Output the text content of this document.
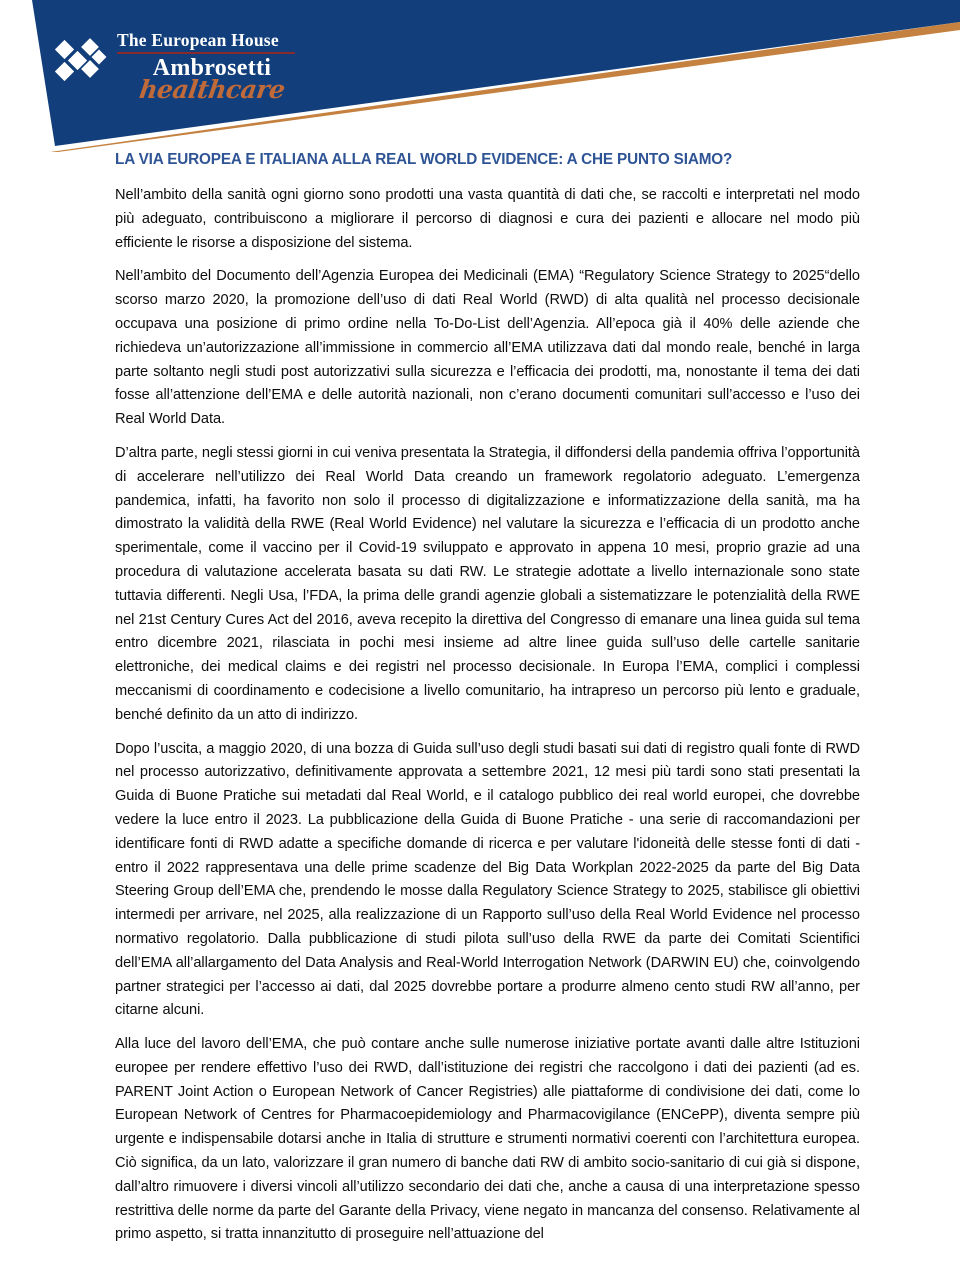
The European House
Ambrosetti
healthcare
LA VIA EUROPEA E ITALIANA ALLA REAL WORLD EVIDENCE: A CHE PUNTO SIAMO?

Nell’ambito della sanità ogni giorno sono prodotti una vasta quantità di dati che, se raccolti e interpretati nel modo più adeguato, contribuiscono a migliorare il percorso di diagnosi e cura dei pazienti e allocare nel modo più efficiente le risorse a disposizione del sistema.

Nell’ambito del Documento dell’Agenzia Europea dei Medicinali (EMA) “Regulatory Science Strategy to 2025“dello scorso marzo 2020, la promozione dell’uso di dati Real World (RWD) di alta qualità nel processo decisionale occupava una posizione di primo ordine nella To-Do-List dell’Agenzia. All’epoca già il 40% delle aziende che richiedeva un’autorizzazione all’immissione in commercio all’EMA utilizzava dati dal mondo reale, benché in larga parte soltanto negli studi post autorizzativi sulla sicurezza e l’efficacia dei prodotti, ma, nonostante il tema dei dati fosse all’attenzione dell’EMA e delle autorità nazionali, non c’erano documenti comunitari sull’accesso e l’uso dei Real World Data.

D’altra parte, negli stessi giorni in cui veniva presentata la Strategia, il diffondersi della pandemia offriva l’opportunità di accelerare nell’utilizzo dei Real World Data creando un framework regolatorio adeguato. L’emergenza pandemica, infatti, ha favorito non solo il processo di digitalizzazione e informatizzazione della sanità, ma ha dimostrato la validità della RWE (Real World Evidence) nel valutare la sicurezza e l’efficacia di un prodotto anche sperimentale, come il vaccino per il Covid-19 sviluppato e approvato in appena 10 mesi, proprio grazie ad una procedura di valutazione accelerata basata su dati RW. Le strategie adottate a livello internazionale sono state tuttavia differenti. Negli Usa, l’FDA, la prima delle grandi agenzie globali a sistematizzare le potenzialità della RWE nel 21st Century Cures Act del 2016, aveva recepito la direttiva del Congresso di emanare una linea guida sul tema entro dicembre 2021, rilasciata in pochi mesi insieme ad altre linee guida sull’uso delle cartelle sanitarie elettroniche, dei medical claims e dei registri nel processo decisionale. In Europa l’EMA, complici i complessi meccanismi di coordinamento e codecisione a livello comunitario, ha intrapreso un percorso più lento e graduale, benché definito da un atto di indirizzo.

Dopo l’uscita, a maggio 2020, di una bozza di Guida sull’uso degli studi basati sui dati di registro quali fonte di RWD nel processo autorizzativo, definitivamente approvata a settembre 2021, 12 mesi più tardi sono stati presentati la Guida di Buone Pratiche sui metadati dal Real World, e il catalogo pubblico dei real world europei, che dovrebbe vedere la luce entro il 2023. La pubblicazione della Guida di Buone Pratiche - una serie di raccomandazioni per identificare fonti di RWD adatte a specifiche domande di ricerca e per valutare l'idoneità delle stesse fonti di dati - entro il 2022 rappresentava una delle prime scadenze del Big Data Workplan 2022-2025 da parte del Big Data Steering Group dell’EMA che, prendendo le mosse dalla Regulatory Science Strategy to 2025, stabilisce gli obiettivi intermedi per arrivare, nel 2025, alla realizzazione di un Rapporto sull’uso della Real World Evidence nel processo normativo regolatorio. Dalla pubblicazione di studi pilota sull’uso della RWE da parte dei Comitati Scientifici dell’EMA all’allargamento del Data Analysis and Real-World Interrogation Network (DARWIN EU) che, coinvolgendo partner strategici per l’accesso ai dati, dal 2025 dovrebbe portare a produrre almeno cento studi RW all’anno, per citarne alcuni.

Alla luce del lavoro dell’EMA, che può contare anche sulle numerose iniziative portate avanti dalle altre Istituzioni europee per rendere effettivo l’uso dei RWD, dall’istituzione dei registri che raccolgono i dati dei pazienti (ad es. PARENT Joint Action o European Network of Cancer Registries) alle piattaforme di condivisione dei dati, come lo European Network of Centres for Pharmacoepidemiology and Pharmacovigilance (ENCePP), diventa sempre più urgente e indispensabile dotarsi anche in Italia di strutture e strumenti normativi coerenti con l’architettura europea. Ciò significa, da un lato, valorizzare il gran numero di banche dati RW di ambito socio-sanitario di cui già si dispone, dall’altro rimuovere i diversi vincoli all’utilizzo secondario dei dati che, anche a causa di una interpretazione spesso restrittiva delle norme da parte del Garante della Privacy, viene negato in mancanza del consenso. Relativamente al primo aspetto, si tratta innanzitutto di proseguire nell’attuazione del
